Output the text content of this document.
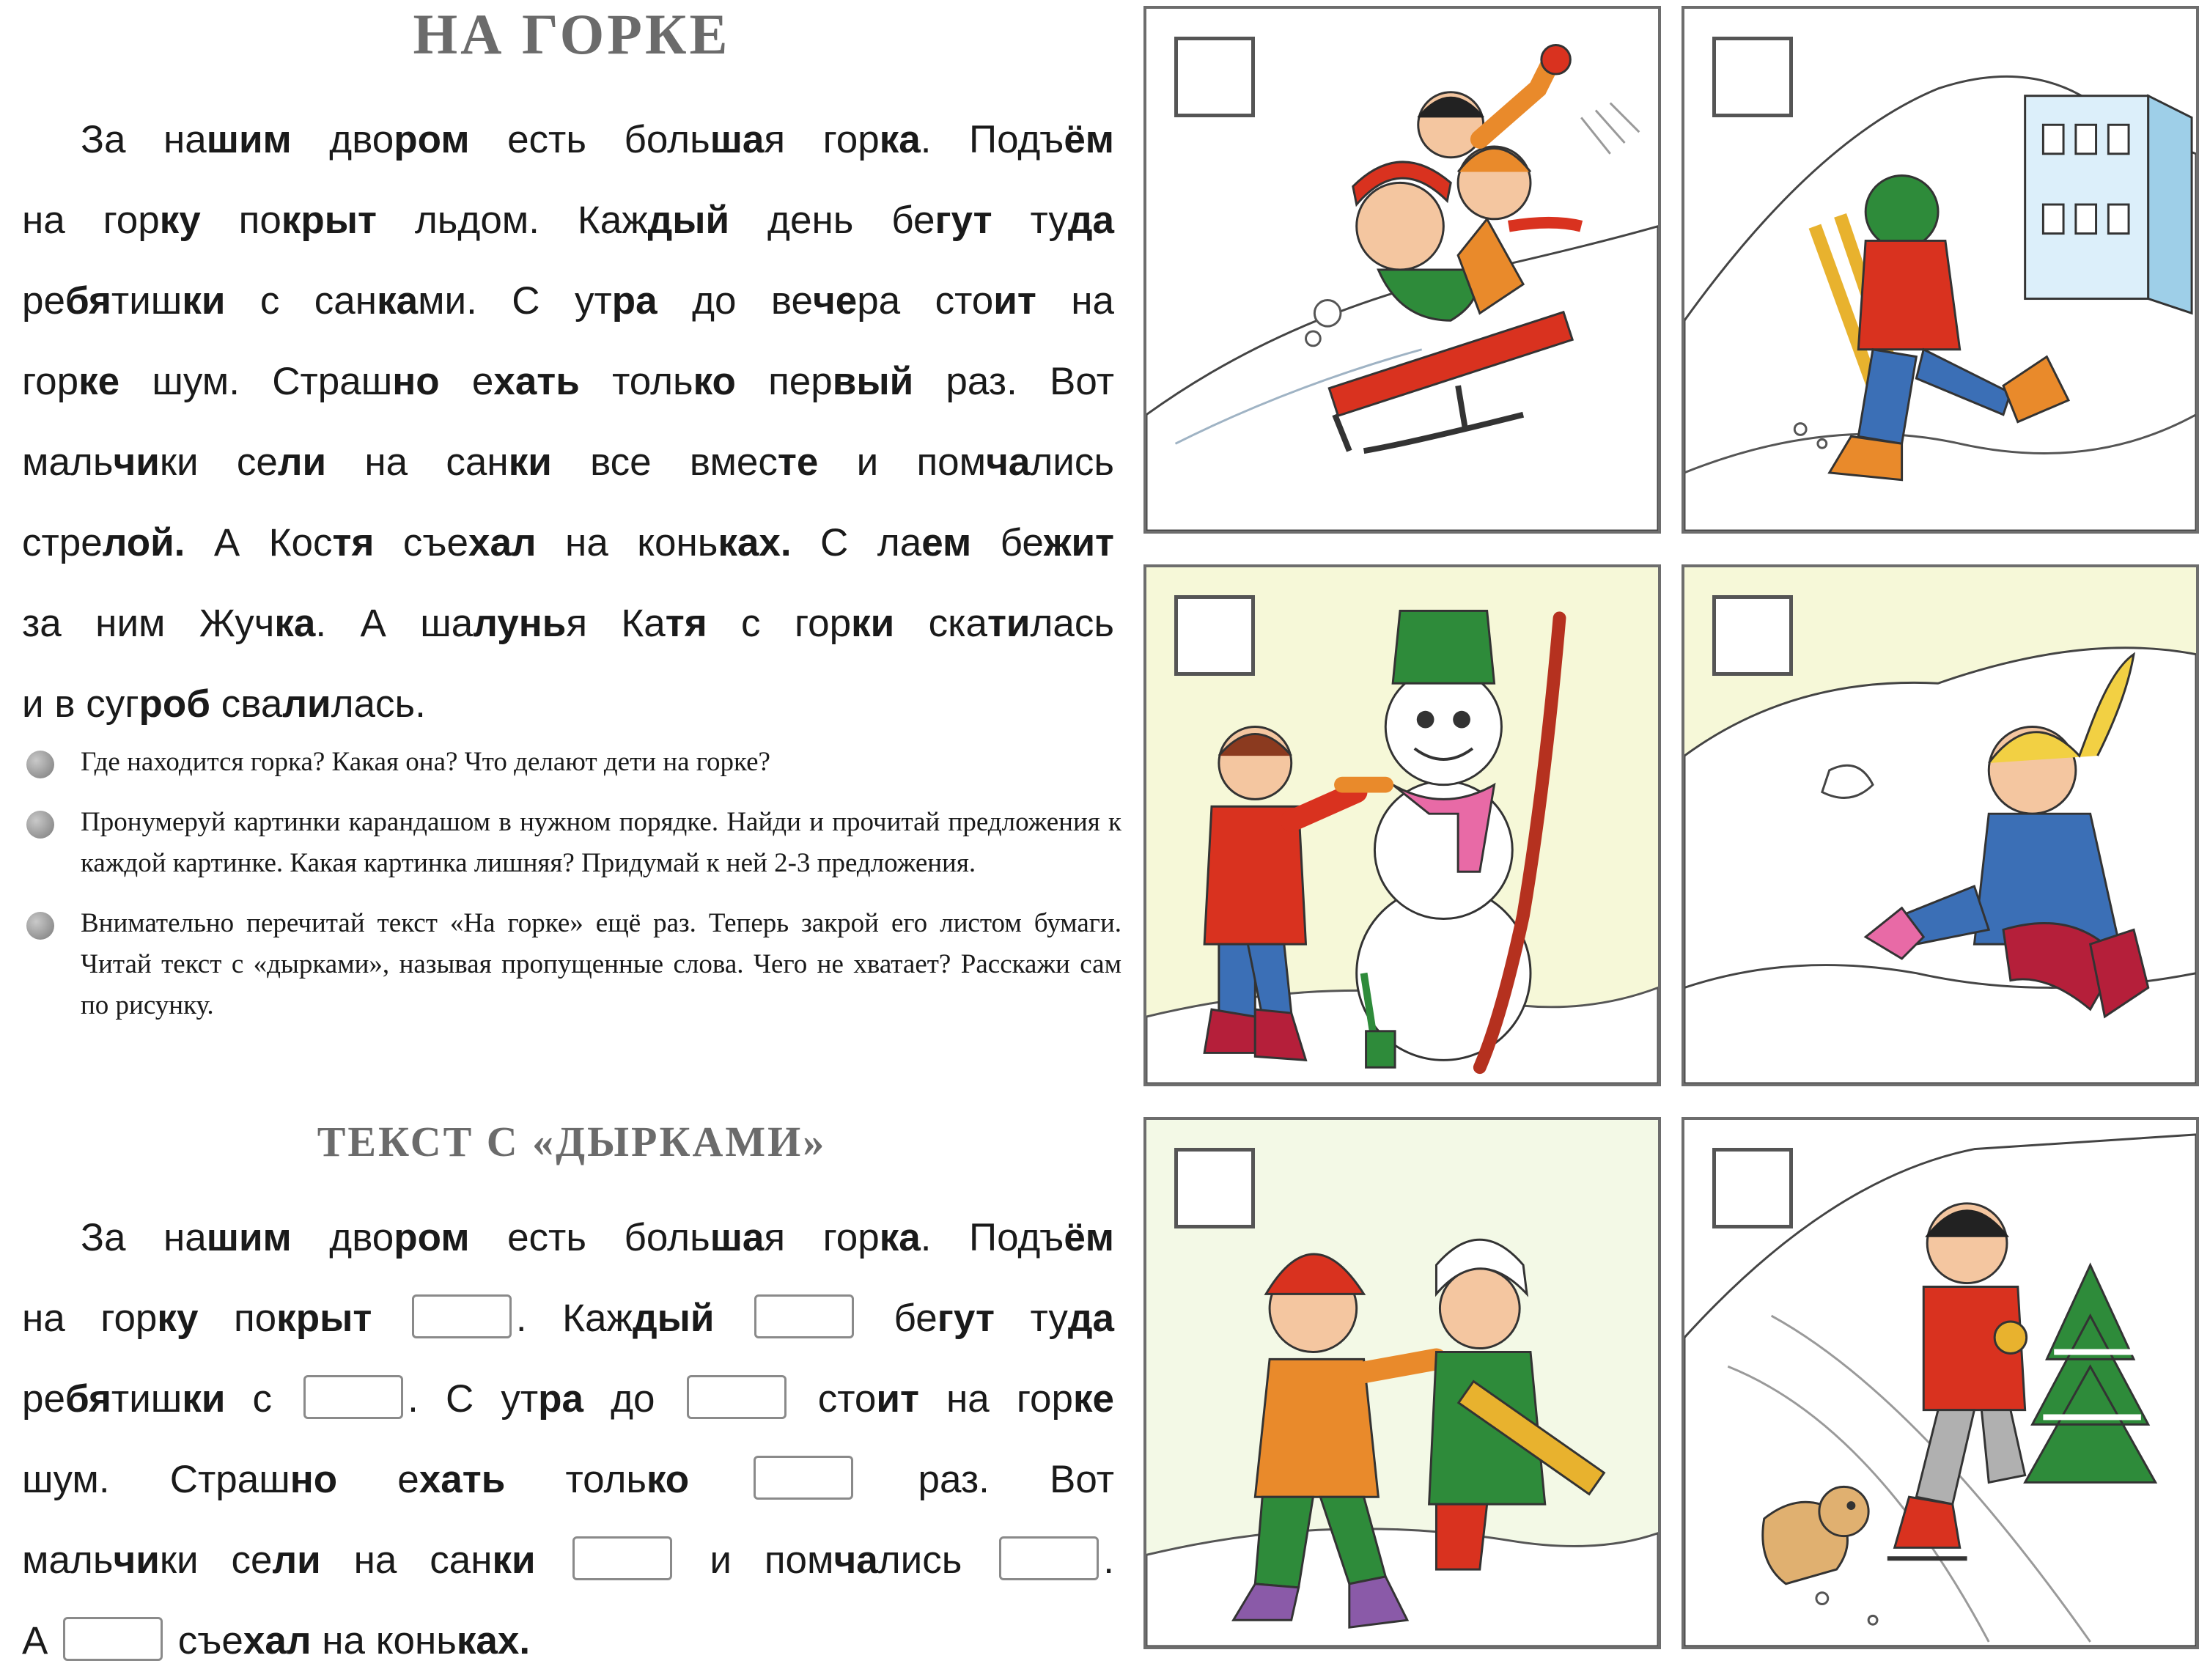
НА ГОРКЕ
За нашим двором есть большая горка. Подъём
на горку покрыт льдом. Каждый день бегут туда
ребятишки с санками. С утра до вечера стоит на
горке шум. Страшно ехать только первый раз. Вот
мальчики сели на санки все вместе и помчались
стрелой. А Костя съехал на коньках. С лаем бежит
за ним Жучка. А шалунья Катя с горки скатилась
и в сугроб свалилась.
Где находится горка? Какая она? Что делают дети на горке?
Пронумеруй картинки карандашом в нужном порядке. Найди и прочитай предложения к каждой картинке. Какая картинка лишняя? Придумай к ней 2-3 предложения.
Внимательно перечитай текст «На горке» ещё раз. Теперь закрой его листом бумаги. Читай текст с «дырками», называя пропущенные слова. Чего не хватает? Расскажи сам по рисунку.
ТЕКСТ С «ДЫРКАМИ»
За нашим двором есть большая горка. Подъём
на горку покрыт	. Каждый	бегут туда
ребятишки с	. С утра до	стоит на горке
шум. Страшно ехать только	раз. Вот
мальчики сели на санки	и помчались	.
А	съехал на коньках.
